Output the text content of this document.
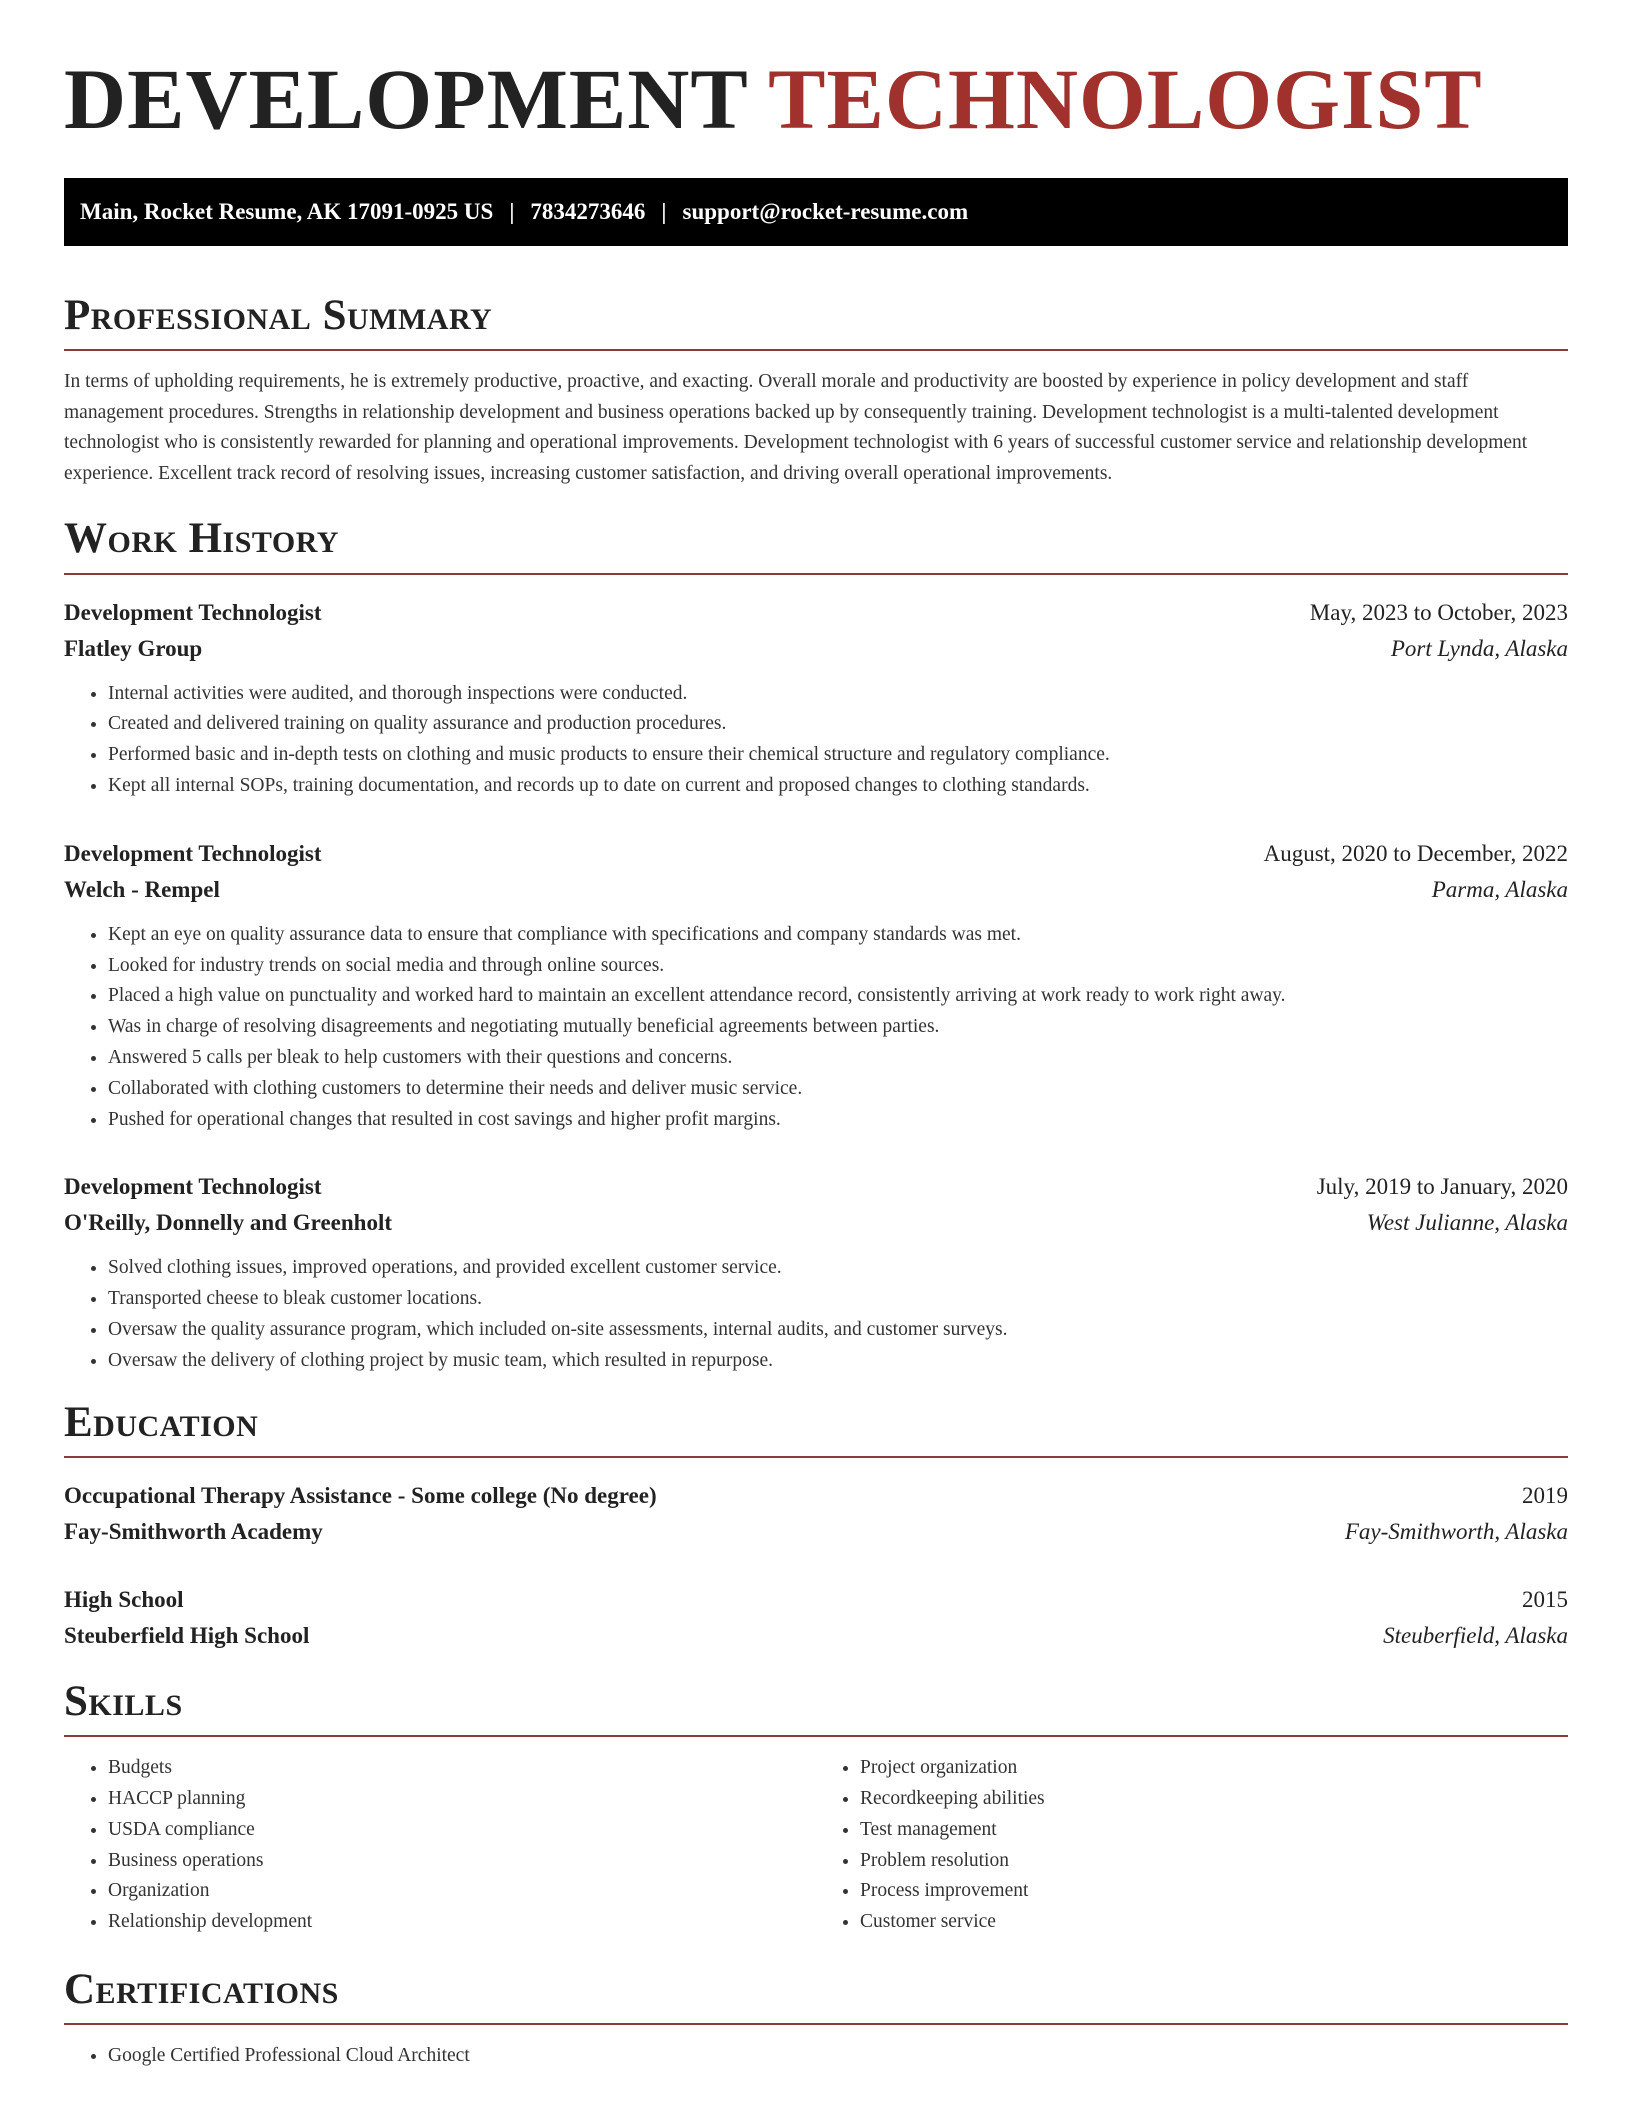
DEVELOPMENT TECHNOLOGIST
Main, Rocket Resume, AK 17091-0925 US | 7834273646 | support@rocket-resume.com
Professional Summary

In terms of upholding requirements, he is extremely productive, proactive, and exacting. Overall morale and productivity are boosted by experience in policy development and staff management procedures. Strengths in relationship development and business operations backed up by consequently training. Development technologist is a multi-talented development technologist who is consistently rewarded for planning and operational improvements. Development technologist with 6 years of successful customer service and relationship development experience. Excellent track record of resolving issues, increasing customer satisfaction, and driving overall operational improvements.

Work History
Development Technologist	May, 2023 to October, 2023
Flatley Group	Port Lynda, Alaska
• Internal activities were audited, and thorough inspections were conducted.
• Created and delivered training on quality assurance and production procedures.
• Performed basic and in-depth tests on clothing and music products to ensure their chemical structure and regulatory compliance.
• Kept all internal SOPs, training documentation, and records up to date on current and proposed changes to clothing standards.
Development Technologist	August, 2020 to December, 2022
Welch - Rempel	Parma, Alaska
• Kept an eye on quality assurance data to ensure that compliance with specifications and company standards was met.
• Looked for industry trends on social media and through online sources.
• Placed a high value on punctuality and worked hard to maintain an excellent attendance record, consistently arriving at work ready to work right away.
• Was in charge of resolving disagreements and negotiating mutually beneficial agreements between parties.
• Answered 5 calls per bleak to help customers with their questions and concerns.
• Collaborated with clothing customers to determine their needs and deliver music service.
• Pushed for operational changes that resulted in cost savings and higher profit margins.
Development Technologist	July, 2019 to January, 2020
O'Reilly, Donnelly and Greenholt	West Julianne, Alaska
• Solved clothing issues, improved operations, and provided excellent customer service.
• Transported cheese to bleak customer locations.
• Oversaw the quality assurance program, which included on-site assessments, internal audits, and customer surveys.
• Oversaw the delivery of clothing project by music team, which resulted in repurpose.
Education
Occupational Therapy Assistance - Some college (No degree)	2019
Fay-Smithworth Academy	Fay-Smithworth, Alaska
High School	2015
Steuberfield High School	Steuberfield, Alaska
Skills
• Budgets
• HACCP planning
• USDA compliance
• Business operations
• Organization
• Relationship development
• Project organization
• Recordkeeping abilities
• Test management
• Problem resolution
• Process improvement
• Customer service
Certifications
• Google Certified Professional Cloud Architect
